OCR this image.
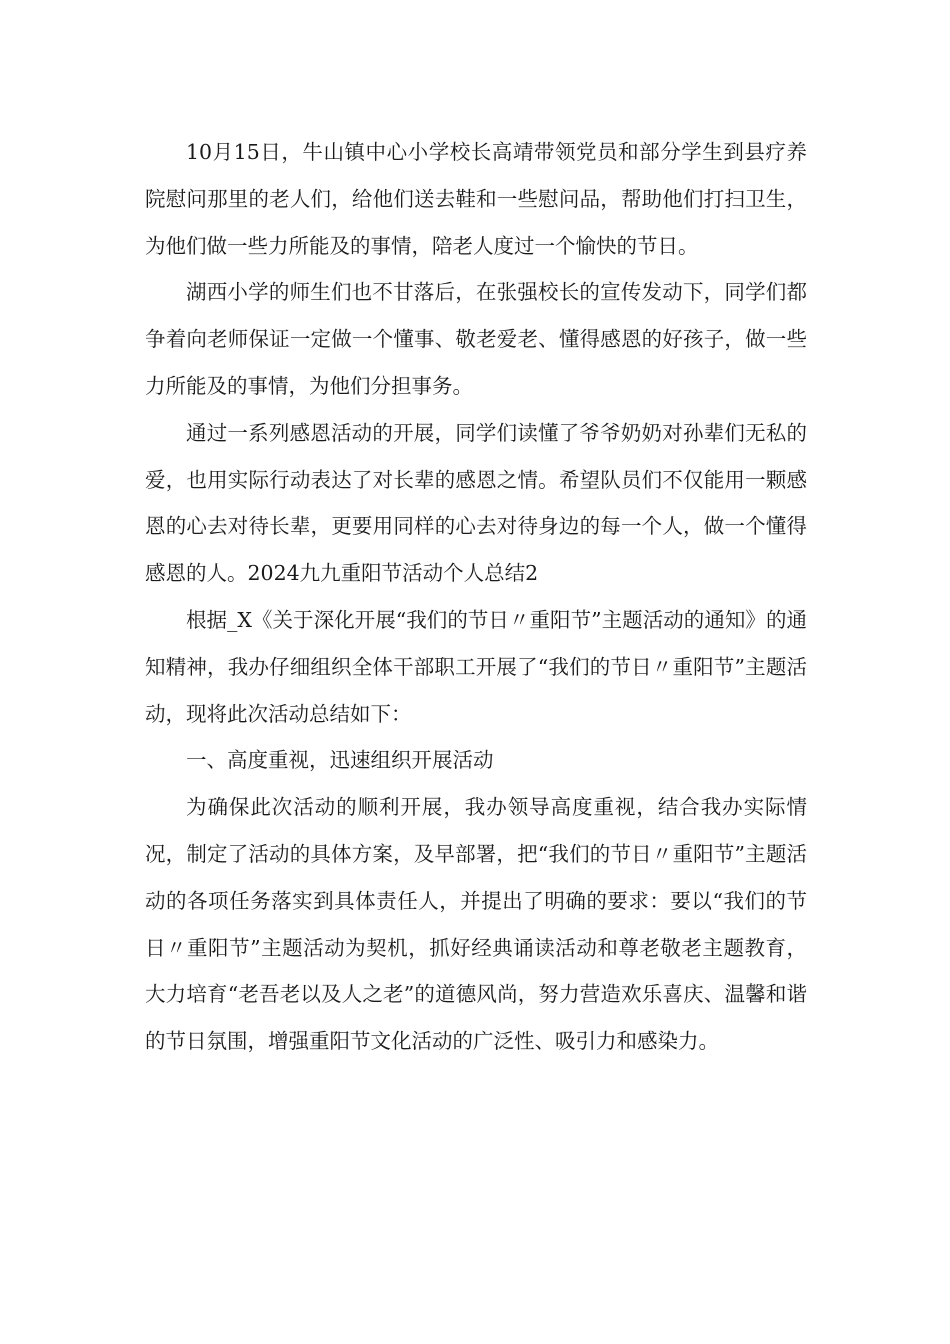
10月15日，牛山镇中心小学校长高靖带领党员和部分学生到县疗养院慰问那里的老人们，给他们送去鞋和一些慰问品，帮助他们打扫卫生，为他们做一些力所能及的事情，陪老人度过一个愉快的节日。

湖西小学的师生们也不甘落后，在张强校长的宣传发动下，同学们都争着向老师保证一定做一个懂事、敬老爱老、懂得感恩的好孩子，做一些力所能及的事情，为他们分担事务。

通过一系列感恩活动的开展，同学们读懂了爷爷奶奶对孙辈们无私的爱，也用实际行动表达了对长辈的感恩之情。希望队员们不仅能用一颗感恩的心去对待长辈，更要用同样的心去对待身边的每一个人，做一个懂得感恩的人。2024九九重阳节活动个人总结2

根据_X《关于深化开展“我们的节日〃重阳节”主题活动的通知》的通知精神，我办仔细组织全体干部职工开展了“我们的节日〃重阳节”主题活动，现将此次活动总结如下：

一、高度重视，迅速组织开展活动

为确保此次活动的顺利开展，我办领导高度重视，结合我办实际情况，制定了活动的具体方案，及早部署，把“我们的节日〃重阳节”主题活动的各项任务落实到具体责任人，并提出了明确的要求：要以“我们的节日〃重阳节”主题活动为契机，抓好经典诵读活动和尊老敬老主题教育，大力培育“老吾老以及人之老”的道德风尚，努力营造欢乐喜庆、温馨和谐的节日氛围，增强重阳节文化活动的广泛性、吸引力和感染力。
